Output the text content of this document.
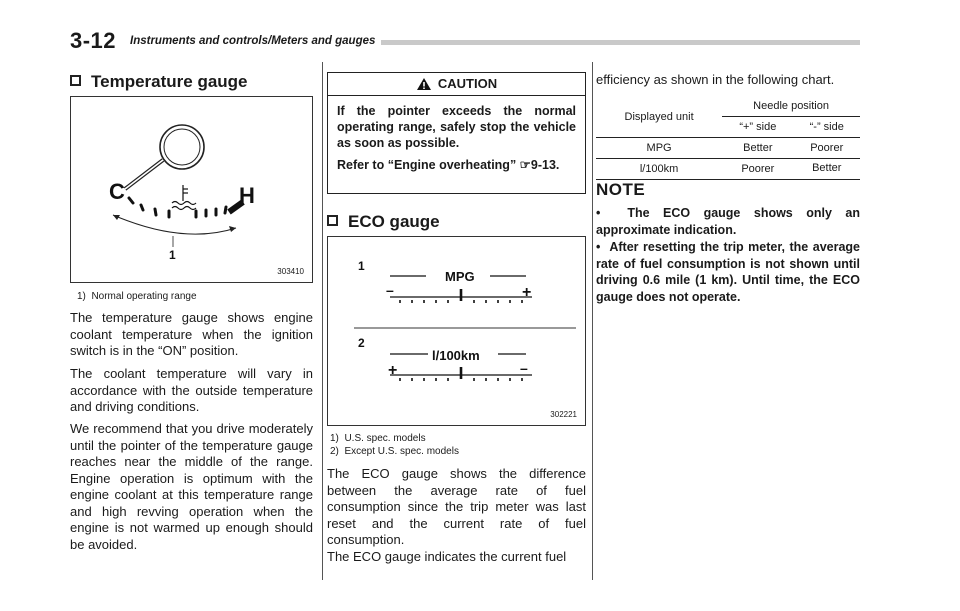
3-12 Instruments and controls/Meters and gauges
Temperature gauge
C	H
1
303410
1)  Normal operating range

The temperature gauge shows engine coolant temperature when the ignition switch is in the “ON” position.

The coolant temperature will vary in accordance with the outside temperature and driving conditions.

We recommend that you drive moderately until the pointer of the temperature gauge reaches near the middle of the range. Engine operation is optimum with the engine coolant at this temperature range and high revving operation when the engine is not warmed up enough should be avoided.

CAUTION

If the pointer exceeds the normal operating range, safely stop the vehicle as soon as possible.

Refer to “Engine overheating” ☞9-13.

ECO gauge
1
MPG
–	+
2
l/100km
+	–
302221
1)  U.S. spec. models
2)  Except U.S. spec. models

The ECO gauge shows the difference between the average rate of fuel consumption since the trip meter was last reset and the current rate of fuel consumption.

The ECO gauge indicates the current fuel

efficiency as shown in the following chart.

Displayed unit	Needle position	
	“+” side	“-” side
MPG	Better	Poorer
l/100km	Poorer	Better
NOTE
•  The ECO gauge shows only an approximate indication.
•  After resetting the trip meter, the average rate of fuel consumption is not shown until driving 0.6 mile (1 km). Until time, the ECO gauge does not operate.
